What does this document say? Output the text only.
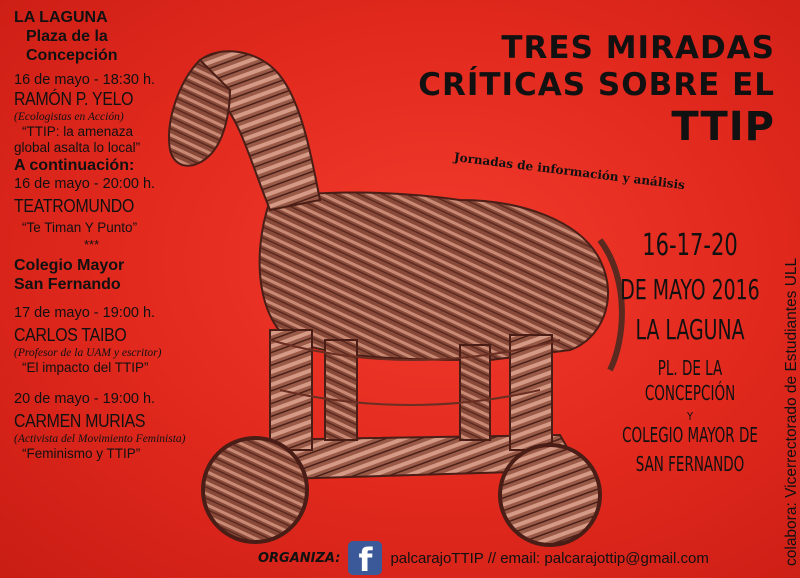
LA LAGUNA

Plaza de la

Concepción

16 de mayo - 18:30 h.

RAMÓN P. YELO

(Ecologistas en Acción)

“TTIP: la amenaza

global asalta lo local”

A continuación:

16 de mayo - 20:00 h.

TEATROMUNDO

“Te Timan Y Punto”

***

Colegio Mayor

San Fernando

17 de mayo - 19:00 h.

CARLOS TAIBO

(Profesor de la UAM y escritor)

“El impacto del TTIP”

20 de mayo - 19:00 h.

CARMEN MURIAS

(Activista del Movimiento Feminista)

“Feminismo y TTIP”

TRES MIRADAS
CRÍTICAS SOBRE EL
TTIP
Jornadas de información y análisis

16-17-20

DE MAYO 2016

LA LAGUNA

PL. DE LA CONCEPCIÓN

Y

COLEGIO MAYOR DE

SAN FERNANDO	colabora: Vicerrectorado de Estudiantes ULL
ORGANIZA: f palcarajoTTIP // email: palcarajottip@gmail.com
